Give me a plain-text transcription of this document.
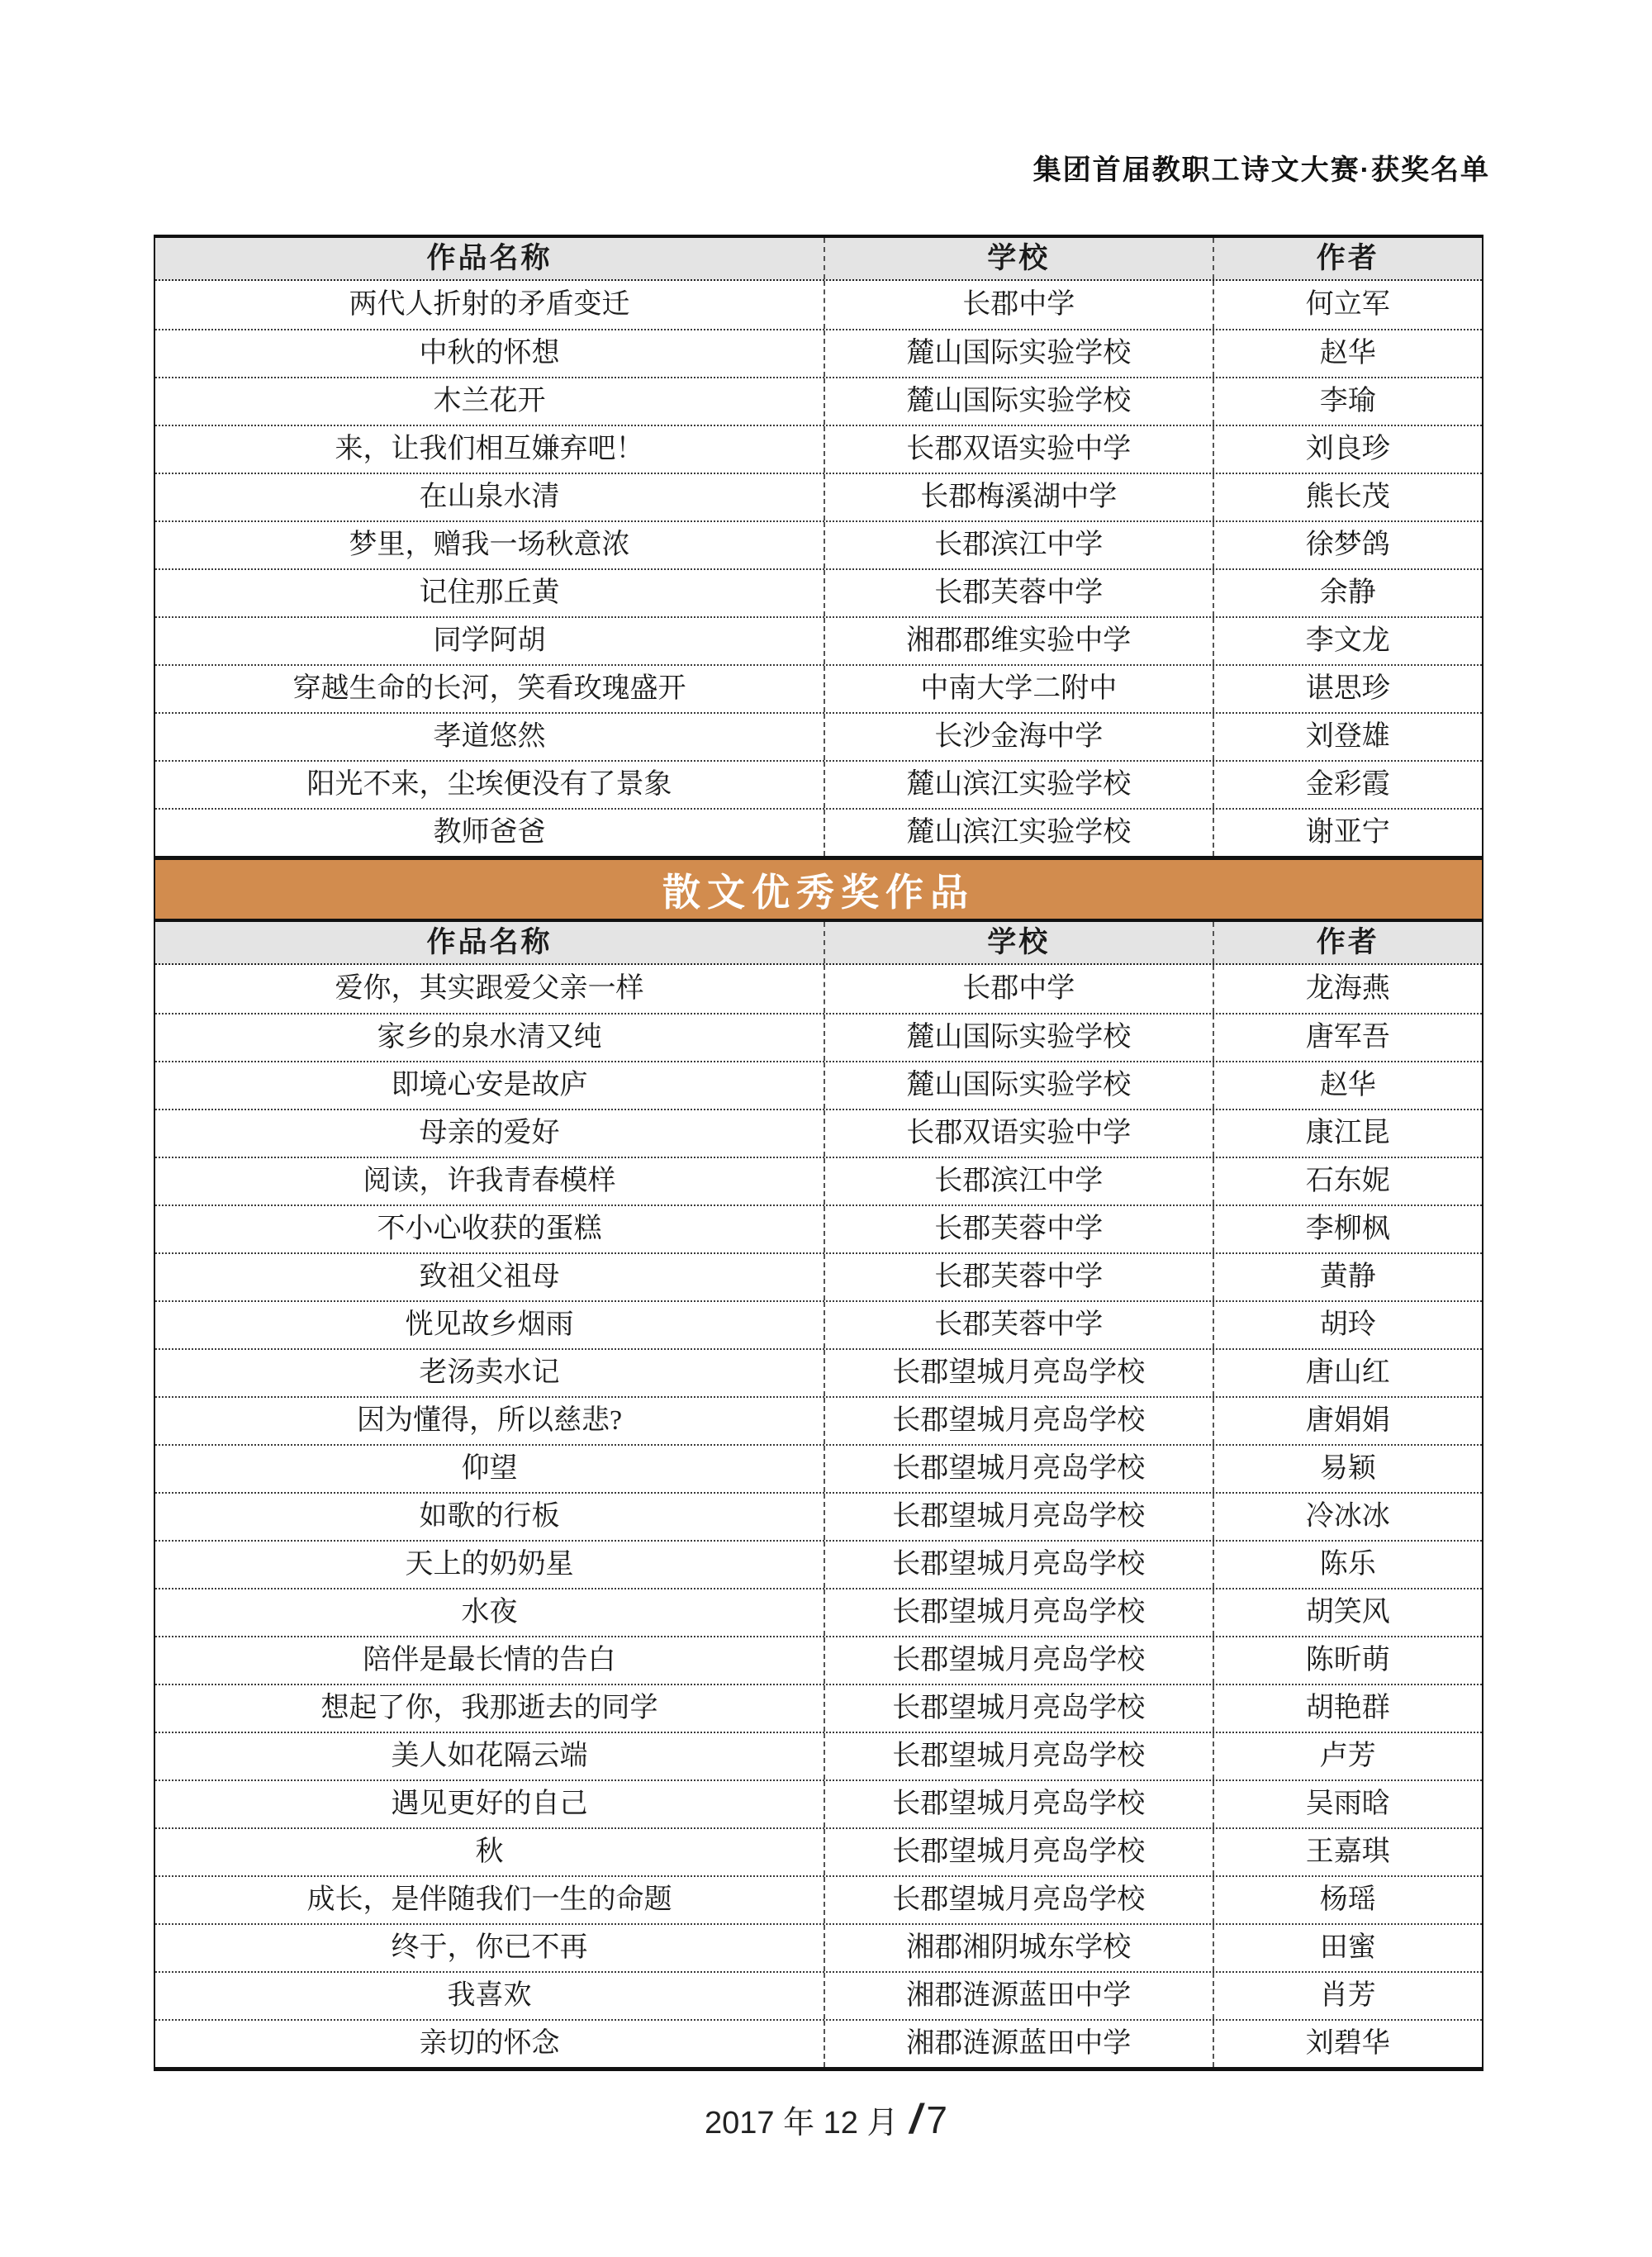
集团首届教职工诗文大赛·获奖名单
作品名称	学校	作者
两代人折射的矛盾变迁	长郡中学	何立军
中秋的怀想	麓山国际实验学校	赵华
木兰花开	麓山国际实验学校	李瑜
来，让我们相互嫌弃吧！	长郡双语实验中学	刘良珍
在山泉水清	长郡梅溪湖中学	熊长茂
梦里，赠我一场秋意浓	长郡滨江中学	徐梦鸽
记住那丘黄	长郡芙蓉中学	余静
同学阿胡	湘郡郡维实验中学	李文龙
穿越生命的长河，笑看玫瑰盛开	中南大学二附中	谌思珍
孝道悠然	长沙金海中学	刘登雄
阳光不来，尘埃便没有了景象	麓山滨江实验学校	金彩霞
教师爸爸	麓山滨江实验学校	谢亚宁
散文优秀奖作品
作品名称	学校	作者
爱你，其实跟爱父亲一样	长郡中学	龙海燕
家乡的泉水清又纯	麓山国际实验学校	唐军吾
即境心安是故庐	麓山国际实验学校	赵华
母亲的爱好	长郡双语实验中学	康江昆
阅读，许我青春模样	长郡滨江中学	石东妮
不小心收获的蛋糕	长郡芙蓉中学	李柳枫
致祖父祖母	长郡芙蓉中学	黄静
恍见故乡烟雨	长郡芙蓉中学	胡玲
老汤卖水记	长郡望城月亮岛学校	唐山红
因为懂得，所以慈悲?	长郡望城月亮岛学校	唐娟娟
仰望	长郡望城月亮岛学校	易颖
如歌的行板	长郡望城月亮岛学校	冷冰冰
天上的奶奶星	长郡望城月亮岛学校	陈乐
水夜	长郡望城月亮岛学校	胡笑风
陪伴是最长情的告白	长郡望城月亮岛学校	陈昕萌
想起了你，我那逝去的同学	长郡望城月亮岛学校	胡艳群
美人如花隔云端	长郡望城月亮岛学校	卢芳
遇见更好的自己	长郡望城月亮岛学校	吴雨晗
秋	长郡望城月亮岛学校	王嘉琪
成长，是伴随我们一生的命题	长郡望城月亮岛学校	杨瑶
终于，你已不再	湘郡湘阴城东学校	田蜜
我喜欢	湘郡涟源蓝田中学	肖芳
亲切的怀念	湘郡涟源蓝田中学	刘碧华
2017 年 12 月 / 7
